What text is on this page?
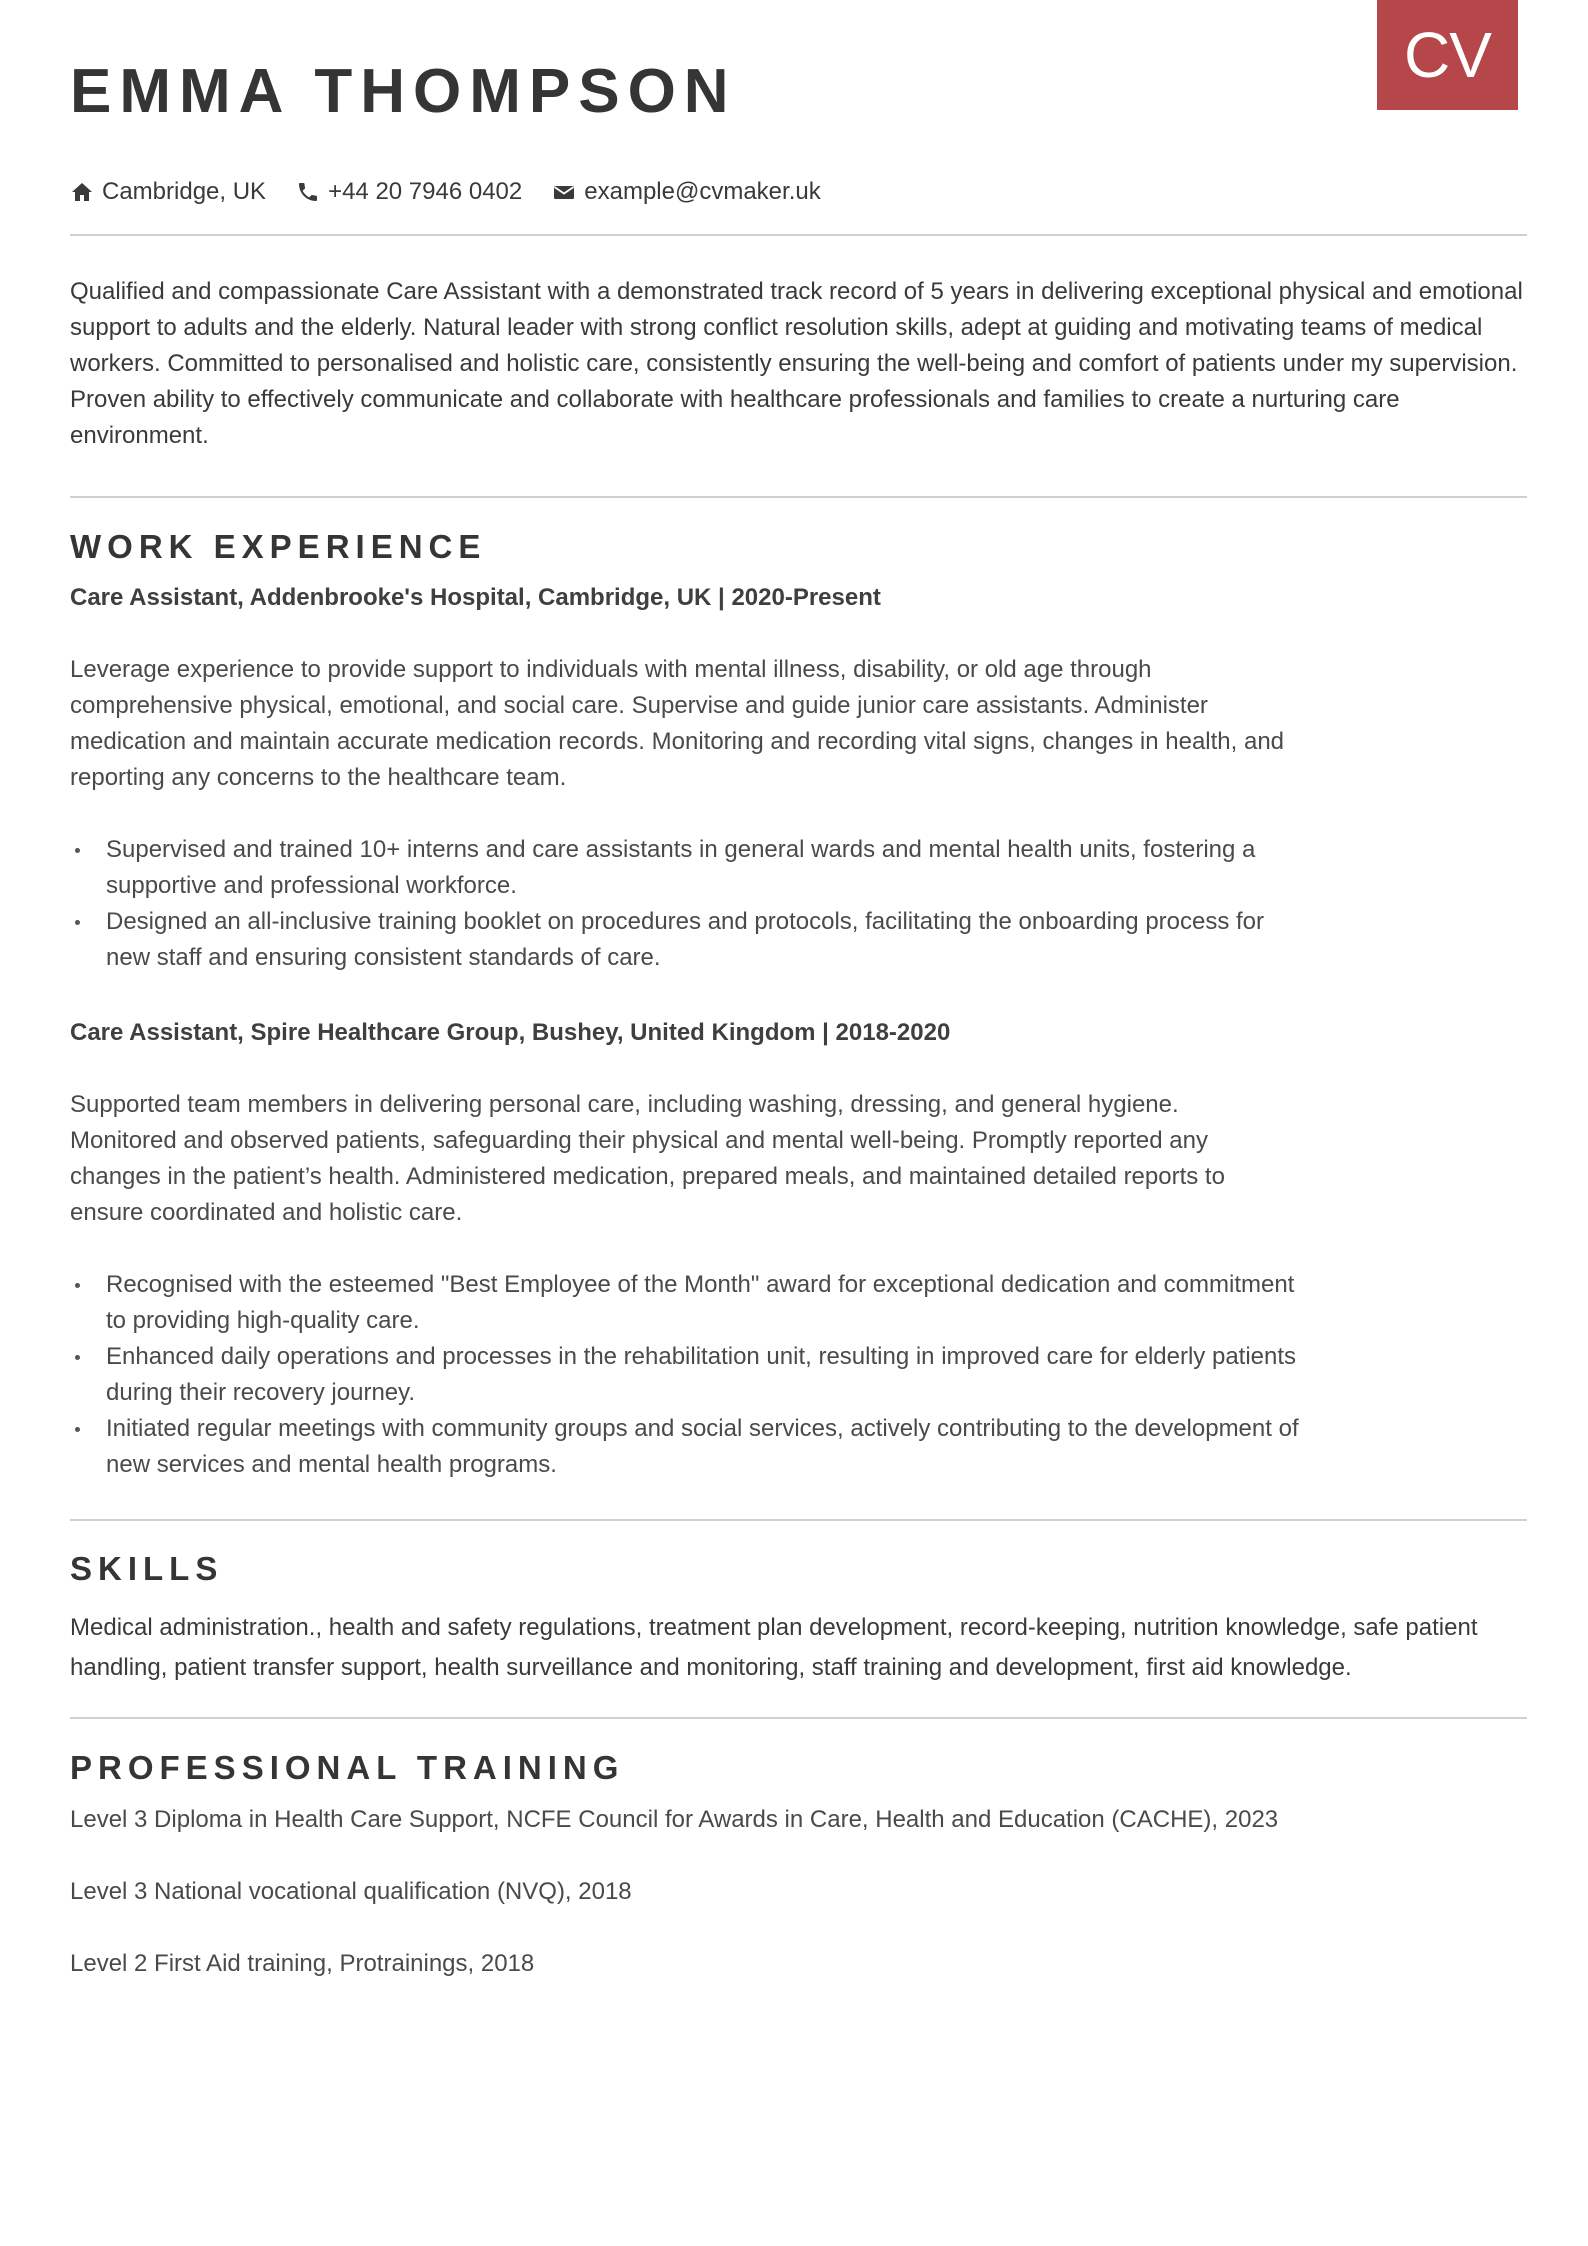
CV
EMMA THOMPSON
Cambridge, UK	+44 20 7946 0402	example@cvmaker.uk

Qualified and compassionate Care Assistant with a demonstrated track record of 5 years in delivering exceptional physical and emotional support to adults and the elderly. Natural leader with strong conflict resolution skills, adept at guiding and motivating teams of medical workers. Committed to personalised and holistic care, consistently ensuring the well-being and comfort of patients under my supervision. Proven ability to effectively communicate and collaborate with healthcare professionals and families to create a nurturing care environment.

WORK EXPERIENCE
Care Assistant, Addenbrooke's Hospital, Cambridge, UK | 2020-Present

Leverage experience to provide support to individuals with mental illness, disability, or old age through comprehensive physical, emotional, and social care. Supervise and guide junior care assistants. Administer medication and maintain accurate medication records. Monitoring and recording vital signs, changes in health, and reporting any concerns to the healthcare team.

Supervised and trained 10+ interns and care assistants in general wards and mental health units, fostering a supportive and professional workforce.
Designed an all-inclusive training booklet on procedures and protocols, facilitating the onboarding process for new staff and ensuring consistent standards of care.
Care Assistant, Spire Healthcare Group, Bushey, United Kingdom | 2018-2020

Supported team members in delivering personal care, including washing, dressing, and general hygiene. Monitored and observed patients, safeguarding their physical and mental well-being. Promptly reported any changes in the patient’s health. Administered medication, prepared meals, and maintained detailed reports to ensure coordinated and holistic care.

Recognised with the esteemed "Best Employee of the Month" award for exceptional dedication and commitment to providing high-quality care.
Enhanced daily operations and processes in the rehabilitation unit, resulting in improved care for elderly patients during their recovery journey.
Initiated regular meetings with community groups and social services, actively contributing to the development of new services and mental health programs.
SKILLS

Medical administration., health and safety regulations, treatment plan development, record-keeping, nutrition knowledge, safe patient handling, patient transfer support, health surveillance and monitoring, staff training and development, first aid knowledge.

PROFESSIONAL TRAINING

Level 3 Diploma in Health Care Support, NCFE Council for Awards in Care, Health and Education (CACHE), 2023

Level 3 National vocational qualification (NVQ), 2018

Level 2 First Aid training, Protrainings, 2018
